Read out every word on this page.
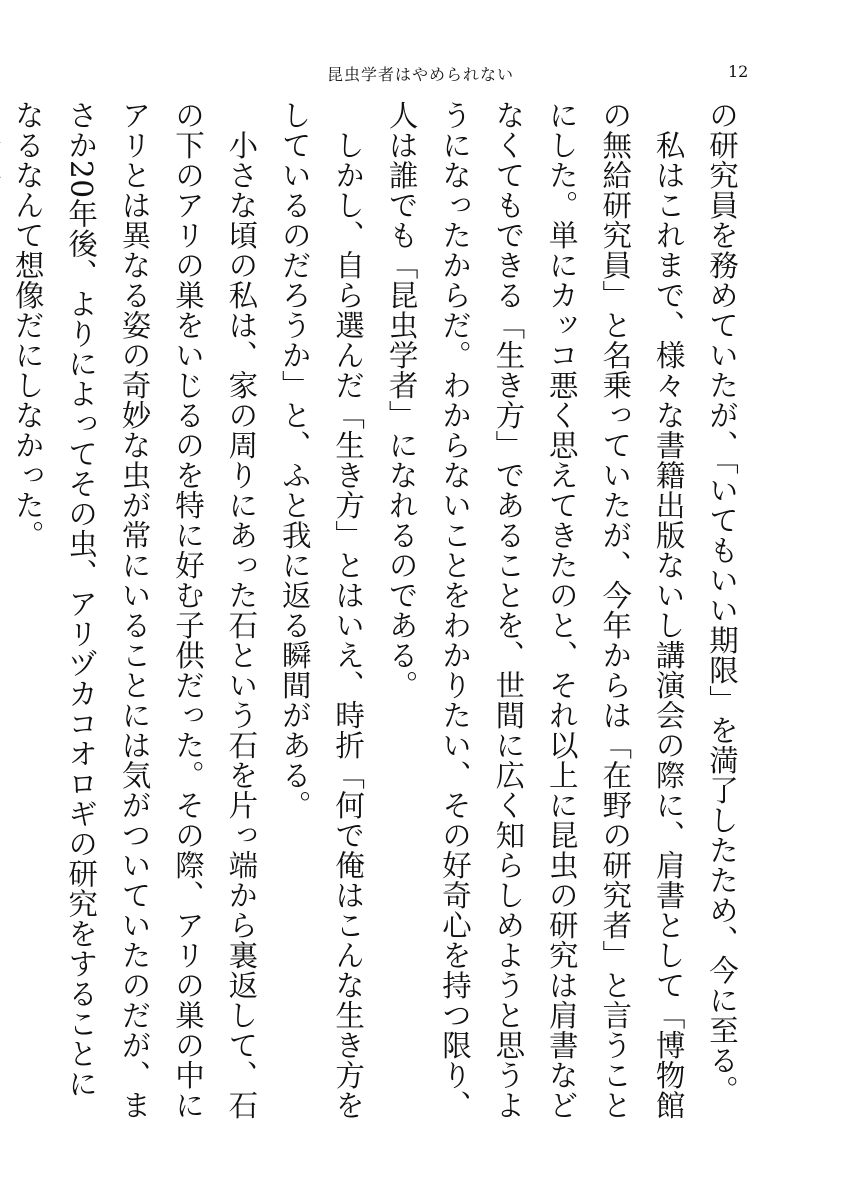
昆虫学者はやめられない	12

の研究員を務めていたが、「いてもいい期限」を満了したため、今に至る。

私はこれまで、様々な書籍出版ないし講演会の際に、肩書として「博物館の無給研究員」と名乗っていたが、今年からは「在野の研究者」と言うことにした。単にカッコ悪く思えてきたのと、それ以上に昆虫の研究は肩書などなくてもできる「生き方」であることを、世間に広く知らしめようと思うようになったからだ。わからないことをわかりたい、その好奇心を持つ限り、人は誰でも「昆虫学者」になれるのである。

しかし、自ら選んだ「生き方」とはいえ、時折「何で俺はこんな生き方をしているのだろうか」と、ふと我に返る瞬間がある。

小さな頃の私は、家の周りにあった石という石を片っ端から裏返して、石の下のアリの巣をいじるのを特に好む子供だった。その際、アリの巣の中にアリとは異なる姿の奇妙な虫が常にいることには気がついていたのだが、まさか20年後、よりによってその虫、アリヅカコオロギの研究をすることになるなんて想像だにしなかった。
